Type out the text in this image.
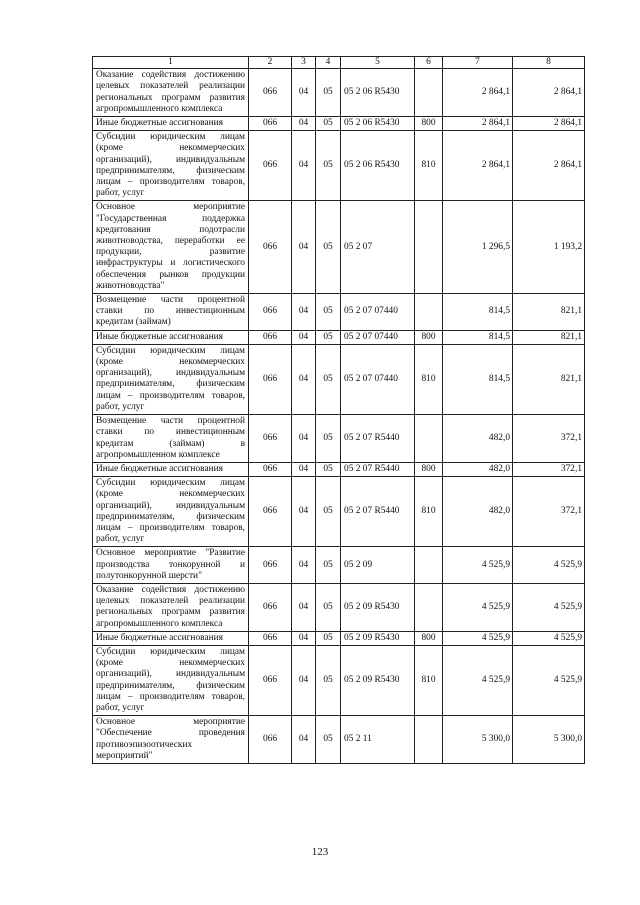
1	2	3	4	5	6	7	8
Оказание содействия достижению целевых показателей реализации региональных программ развития агропромышленного комплекса	066	04	05	05 2 06 R5430		2 864,1	2 864,1
Иные бюджетные ассигнования	066	04	05	05 2 06 R5430	800	2 864,1	2 864,1
Субсидии юридическим лицам (кроме некоммерческих организаций), индивидуальным предпринимателям, физическим лицам – производителям товаров, работ, услуг	066	04	05	05 2 06 R5430	810	2 864,1	2 864,1
Основное мероприятие "Государственная поддержка кредитования подотрасли животноводства, переработки ее продукции, развитие инфраструктуры и логистического обеспечения рынков продукции животноводства"	066	04	05	05 2 07		1 296,5	1 193,2
Возмещение части процентной ставки по инвестиционным кредитам (займам)	066	04	05	05 2 07 07440		814,5	821,1
Иные бюджетные ассигнования	066	04	05	05 2 07 07440	800	814,5	821,1
Субсидии юридическим лицам (кроме некоммерческих организаций), индивидуальным предпринимателям, физическим лицам – производителям товаров, работ, услуг	066	04	05	05 2 07 07440	810	814,5	821,1
Возмещение части процентной ставки по инвестиционным кредитам (займам) в агропромышленном комплексе	066	04	05	05 2 07 R5440		482,0	372,1
Иные бюджетные ассигнования	066	04	05	05 2 07 R5440	800	482,0	372,1
Субсидии юридическим лицам (кроме некоммерческих организаций), индивидуальным предпринимателям, физическим лицам – производителям товаров, работ, услуг	066	04	05	05 2 07 R5440	810	482,0	372,1
Основное мероприятие "Развитие производства тонкорунной и полутонкорунной шерсти"	066	04	05	05 2 09		4 525,9	4 525,9
Оказание содействия достижению целевых показателей реализации региональных программ развития агропромышленного комплекса	066	04	05	05 2 09 R5430		4 525,9	4 525,9
Иные бюджетные ассигнования	066	04	05	05 2 09 R5430	800	4 525,9	4 525,9
Субсидии юридическим лицам (кроме некоммерческих организаций), индивидуальным предпринимателям, физическим лицам – производителям товаров, работ, услуг	066	04	05	05 2 09 R5430	810	4 525,9	4 525,9
Основное мероприятие "Обеспечение проведения противоэпизоотических мероприятий"	066	04	05	05 2 11		5 300,0	5 300,0
123
